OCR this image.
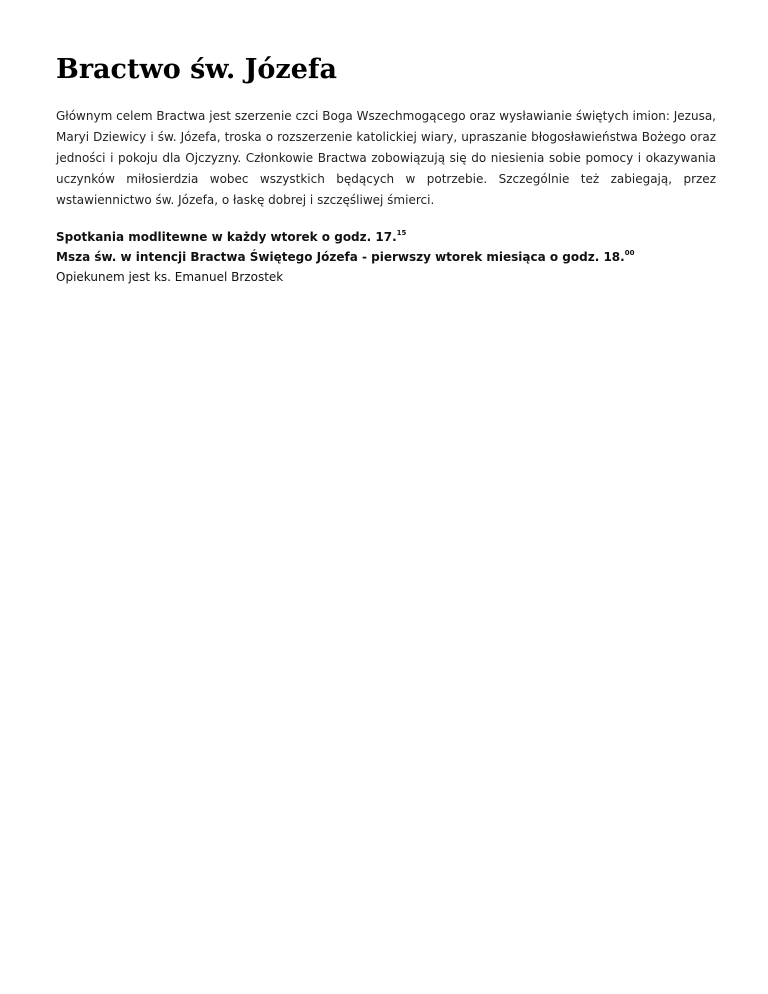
Bractwo św. Józefa

Głównym celem Bractwa jest szerzenie czci Boga Wszechmogącego oraz wysławianie świętych imion: Jezusa, Maryi Dziewicy i św. Józefa, troska o rozszerzenie katolickiej wiary, upraszanie błogosławieństwa Bożego oraz jedności i pokoju dla Ojczyzny. Członkowie Bractwa zobowiązują się do niesienia sobie pomocy i okazywania uczynków miłosierdzia wobec wszystkich będących w potrzebie. Szczególnie też zabiegają, przez wstawiennictwo św. Józefa, o łaskę dobrej i szczęśliwej śmierci.

Spotkania modlitewne w każdy wtorek o godz. 17.15

Msza św. w intencji Bractwa Świętego Józefa - pierwszy wtorek miesiąca o godz. 18.00

Opiekunem jest ks. Emanuel Brzostek
